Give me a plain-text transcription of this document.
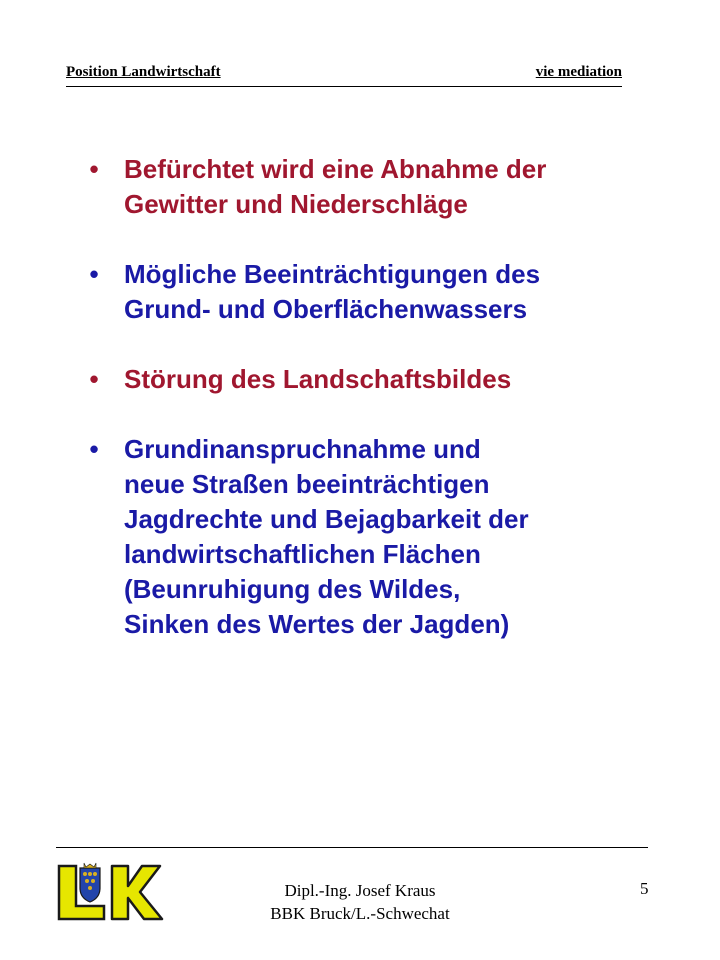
Position Landwirtschaft	vie mediation
• Befürchtet wird eine Abnahme der
Gewitter und Niederschläge
• Mögliche Beeinträchtigungen des
Grund- und Oberflächenwassers
• Störung des Landschaftsbildes
• Grundinanspruchnahme und
neue Straßen beeinträchtigen
Jagdrechte und Bejagbarkeit der
landwirtschaftlichen Flächen
(Beunruhigung des Wildes,
Sinken des Wertes der Jagden)
Dipl.-Ing. Josef Kraus
BBK Bruck/L.-Schwechat
5
